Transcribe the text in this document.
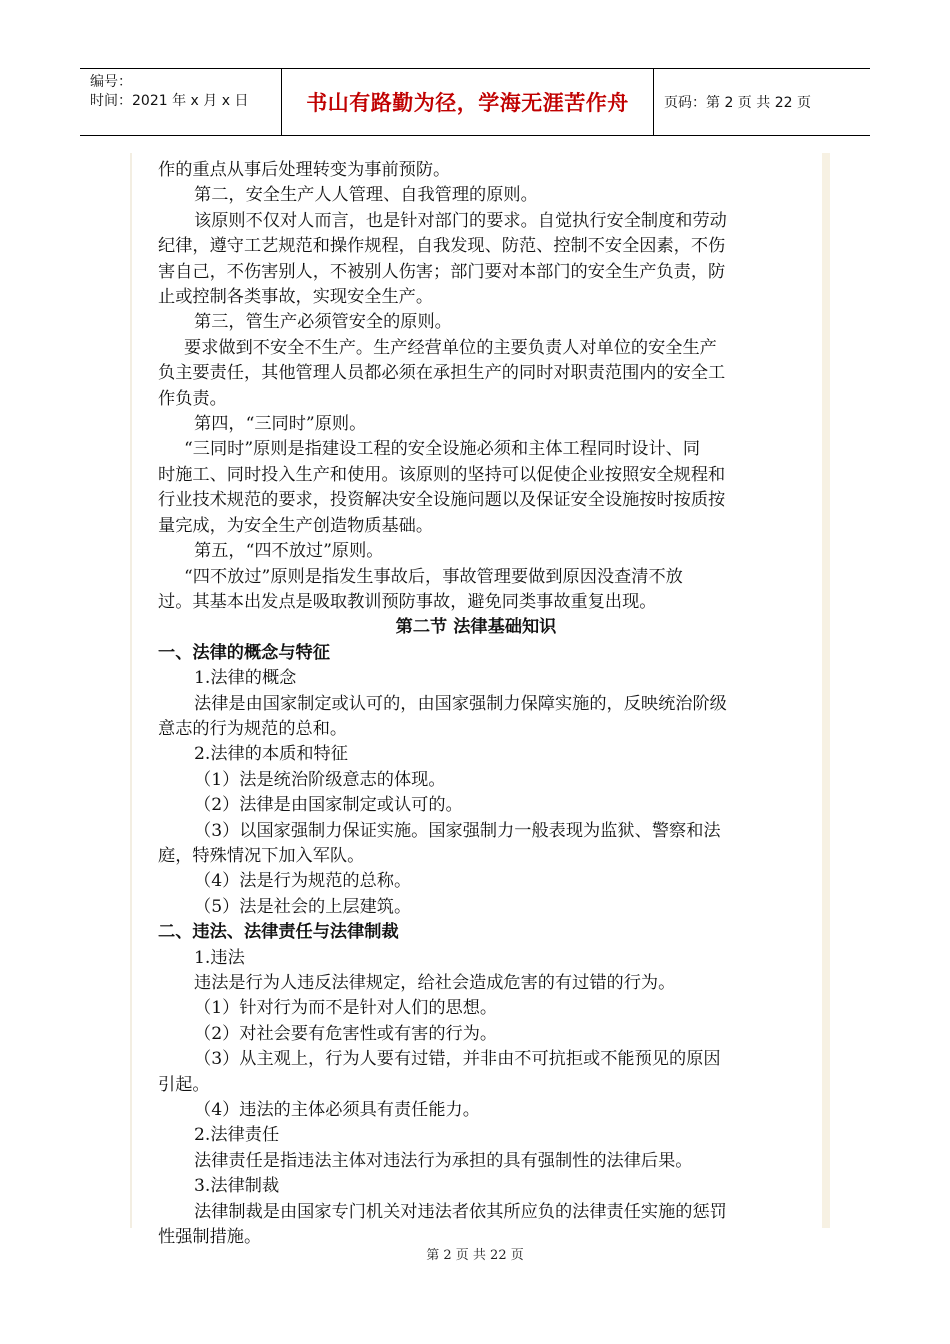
编号：
时间：2021 年 x 月 x 日	书山有路勤为径，学海无涯苦作舟	页码：第 2 页 共 22 页

作的重点从事后处理转变为事前预防。

第二，安全生产人人管理、自我管理的原则。

该原则不仅对人而言，也是针对部门的要求。自觉执行安全制度和劳动

纪律，遵守工艺规范和操作规程，自我发现、防范、控制不安全因素，不伤

害自己，不伤害别人，不被别人伤害；部门要对本部门的安全生产负责，防

止或控制各类事故，实现安全生产。

第三，管生产必须管安全的原则。

要求做到不安全不生产。生产经营单位的主要负责人对单位的安全生产

负主要责任，其他管理人员都必须在承担生产的同时对职责范围内的安全工

作负责。

第四，“三同时”原则。

“三同时”原则是指建设工程的安全设施必须和主体工程同时设计、同

时施工、同时投入生产和使用。该原则的坚持可以促使企业按照安全规程和

行业技术规范的要求，投资解决安全设施问题以及保证安全设施按时按质按

量完成，为安全生产创造物质基础。

第五，“四不放过”原则。

“四不放过”原则是指发生事故后，事故管理要做到原因没查清不放

过。其基本出发点是吸取教训预防事故，避免同类事故重复出现。

第二节 法律基础知识

一、法律的概念与特征

1.法律的概念

法律是由国家制定或认可的，由国家强制力保障实施的，反映统治阶级

意志的行为规范的总和。

2.法律的本质和特征

（1）法是统治阶级意志的体现。

（2）法律是由国家制定或认可的。

（3）以国家强制力保证实施。国家强制力一般表现为监狱、警察和法

庭，特殊情况下加入军队。

（4）法是行为规范的总称。

（5）法是社会的上层建筑。

二、违法、法律责任与法律制裁

1.违法

违法是行为人违反法律规定，给社会造成危害的有过错的行为。

（1）针对行为而不是针对人们的思想。

（2）对社会要有危害性或有害的行为。

（3）从主观上，行为人要有过错，并非由不可抗拒或不能预见的原因

引起。

（4）违法的主体必须具有责任能力。

2.法律责任

法律责任是指违法主体对违法行为承担的具有强制性的法律后果。

3.法律制裁

法律制裁是由国家专门机关对违法者依其所应负的法律责任实施的惩罚

性强制措施。

第 2 页 共 22 页
